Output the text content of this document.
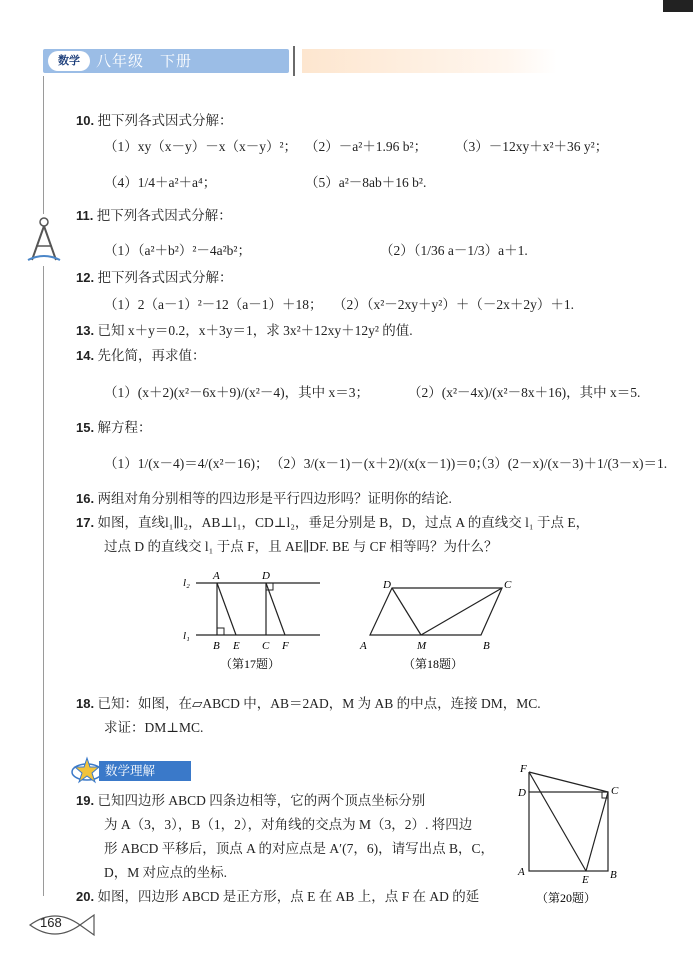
数学	八年级　下册
10. 把下列各式因式分解：
（1）xy（x－y）－x（x－y）²； （2）－a²＋1.96 b²； （3）－12xy＋x²＋36 y²；
（4）1/4＋a²＋a⁴；	（5）a²－8ab＋16 b².
11. 把下列各式因式分解：
（1）（a²＋b²）²－4a²b²；	（2）（1/36 a－1/3）a＋1.
12. 把下列各式因式分解：
（1）2（a－1）²－12（a－1）＋18； （2）（x²－2xy＋y²）＋（－2x＋2y）＋1.
13. 已知 x＋y＝0.2，x＋3y＝1，求 3x²＋12xy＋12y² 的值.
14. 先化简，再求值：
（1）(x＋2)(x²－6x＋9)/(x²－4)，其中 x＝3；	（2）(x²－4x)/(x²－8x＋16)，其中 x＝5.
15. 解方程：
（1）1/(x－4)＝4/(x²－16)； （2）3/(x－1)－(x＋2)/(x(x－1))＝0；
（3）(2－x)/(x－3)＋1/(3－x)＝1.
16. 两组对角分别相等的四边形是平行四边形吗？证明你的结论.
17. 如图，直线l₁∥l₂，AB⊥l₁，CD⊥l₂，垂足分别是 B，D，过点 A 的直线交 l₁ 于点 E，
过点 D 的直线交 l₁ 于点 F，且 AE∥DF. BE 与 CF 相等吗？为什么？
l₂
l₁
A	D
B E C F
（第17题）
D	C
A	M	B
（第18题）
18. 已知：如图，在▱ABCD 中，AB＝2AD，M 为 AB 的中点，连接 DM，MC.
求证：DM⊥MC.
数学理解
19. 已知四边形 ABCD 四条边相等，它的两个顶点坐标分别
为 A（3，3），B（1，2），对角线的交点为 M（3，2）. 将四边
形 ABCD 平移后，顶点 A 的对应点是 A′(7，6)，请写出点 B，C，
D，M 对应点的坐标.
20. 如图，四边形 ABCD 是正方形，点 E 在 AB 上，点 F 在 AD 的延
F
D	C
A
E B
（第20题）
168
